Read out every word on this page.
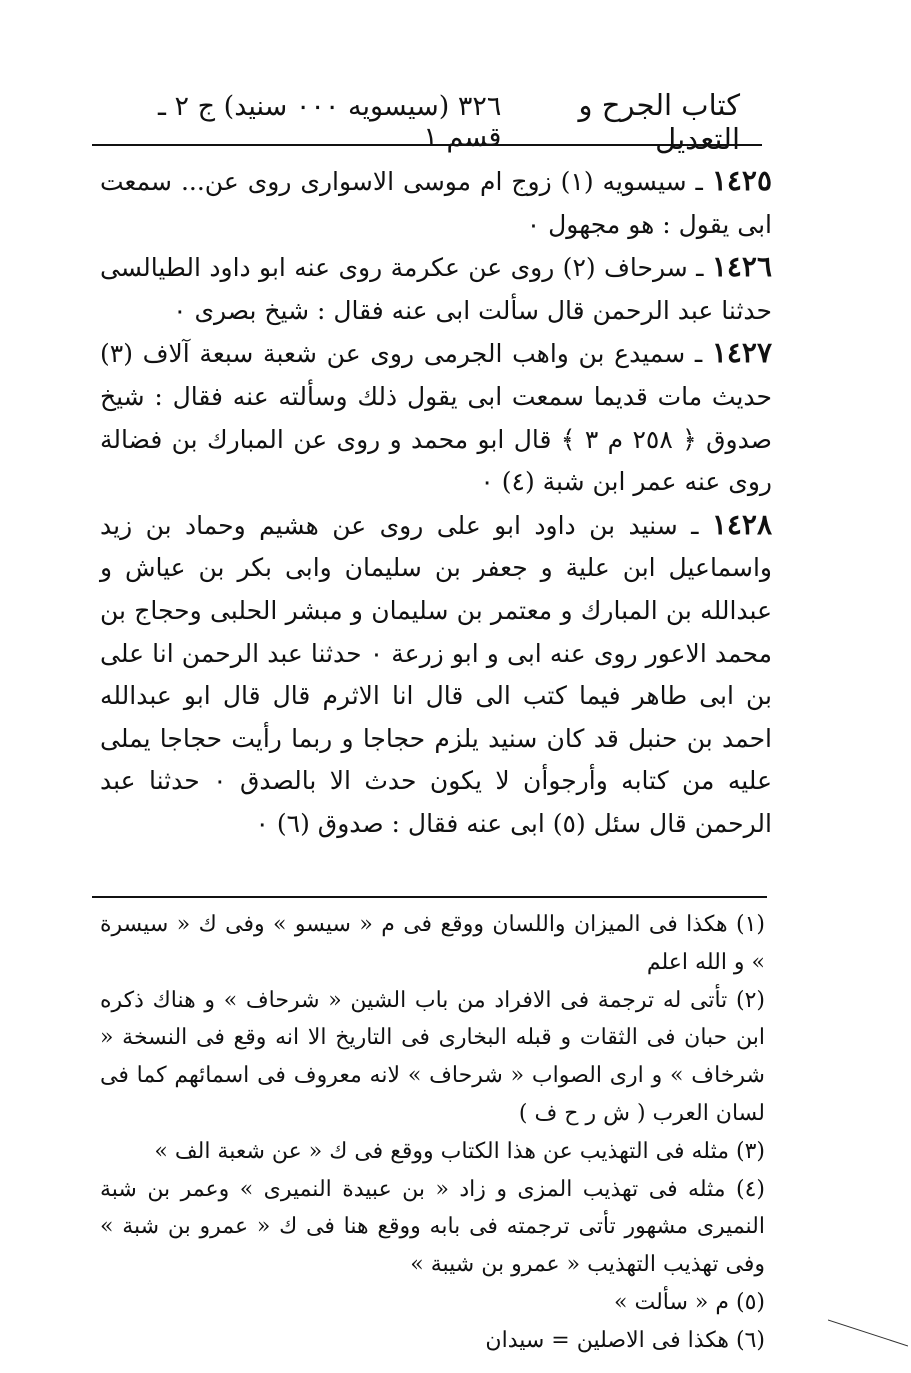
كتاب الجرح و التعديل
٣٢٦ (سيسويه ٠٠٠ سنيد) ج ٢ ـ قسم ١

١٤٢٥ ـ سيسويه (١) زوج ام موسى الاسوارى روى عن... سمعت ابى يقول : هو مجهول ٠

١٤٢٦ ـ سرحاف (٢) روى عن عكرمة روى عنه ابو داود الطيالسى حدثنا عبد الرحمن قال سألت ابى عنه فقال : شيخ بصرى ٠

١٤٢٧ ـ سميدع بن واهب الجرمى روى عن شعبة سبعة آلاف (٣) حديث مات قديما سمعت ابى يقول ذلك وسألته عنه فقال : شيخ صدوق ﴿ ٢٥٨ م ٣ ﴾ قال ابو محمد و روى عن المبارك بن فضالة روى عنه عمر ابن شبة (٤) ٠

١٤٢٨ ـ سنيد بن داود ابو على روى عن هشيم وحماد بن زيد واسماعيل ابن علية و جعفر بن سليمان وابى بكر بن عياش و عبدالله بن المبارك و معتمر بن سليمان و مبشر الحلبى وحجاج بن محمد الاعور روى عنه ابى و ابو زرعة ٠ حدثنا عبد الرحمن انا على بن ابى طاهر فيما كتب الى قال انا الاثرم قال قال ابو عبدالله احمد بن حنبل قد كان سنيد يلزم حجاجا و ربما رأيت حجاجا يملى عليه من كتابه وأرجوأن لا يكون حدث الا بالصدق ٠ حدثنا عبد الرحمن قال سئل (٥) ابى عنه فقال : صدوق (٦) ٠

(١) هكذا فى الميزان واللسان ووقع فى م « سيسو » وفى ك « سيسرة » و الله اعلم

(٢) تأتى له ترجمة فى الافراد من باب الشين « شرحاف » و هناك ذكره ابن حبان فى الثقات و قبله البخارى فى التاريخ الا انه وقع فى النسخة « شرخاف » و ارى الصواب « شرحاف » لانه معروف فى اسمائهم كما فى لسان العرب ( ش ر ح ف )

(٣) مثله فى التهذيب عن هذا الكتاب ووقع فى ك « عن شعبة الف »

(٤) مثله فى تهذيب المزى و زاد « بن عبيدة النميرى » وعمر بن شبة النميرى مشهور تأتى ترجمته فى بابه ووقع هنا فى ك « عمرو بن شبة » وفى تهذيب التهذيب « عمرو بن شيبة »

(٥) م « سألت »

(٦) هكذا فى الاصلين = سيدان
